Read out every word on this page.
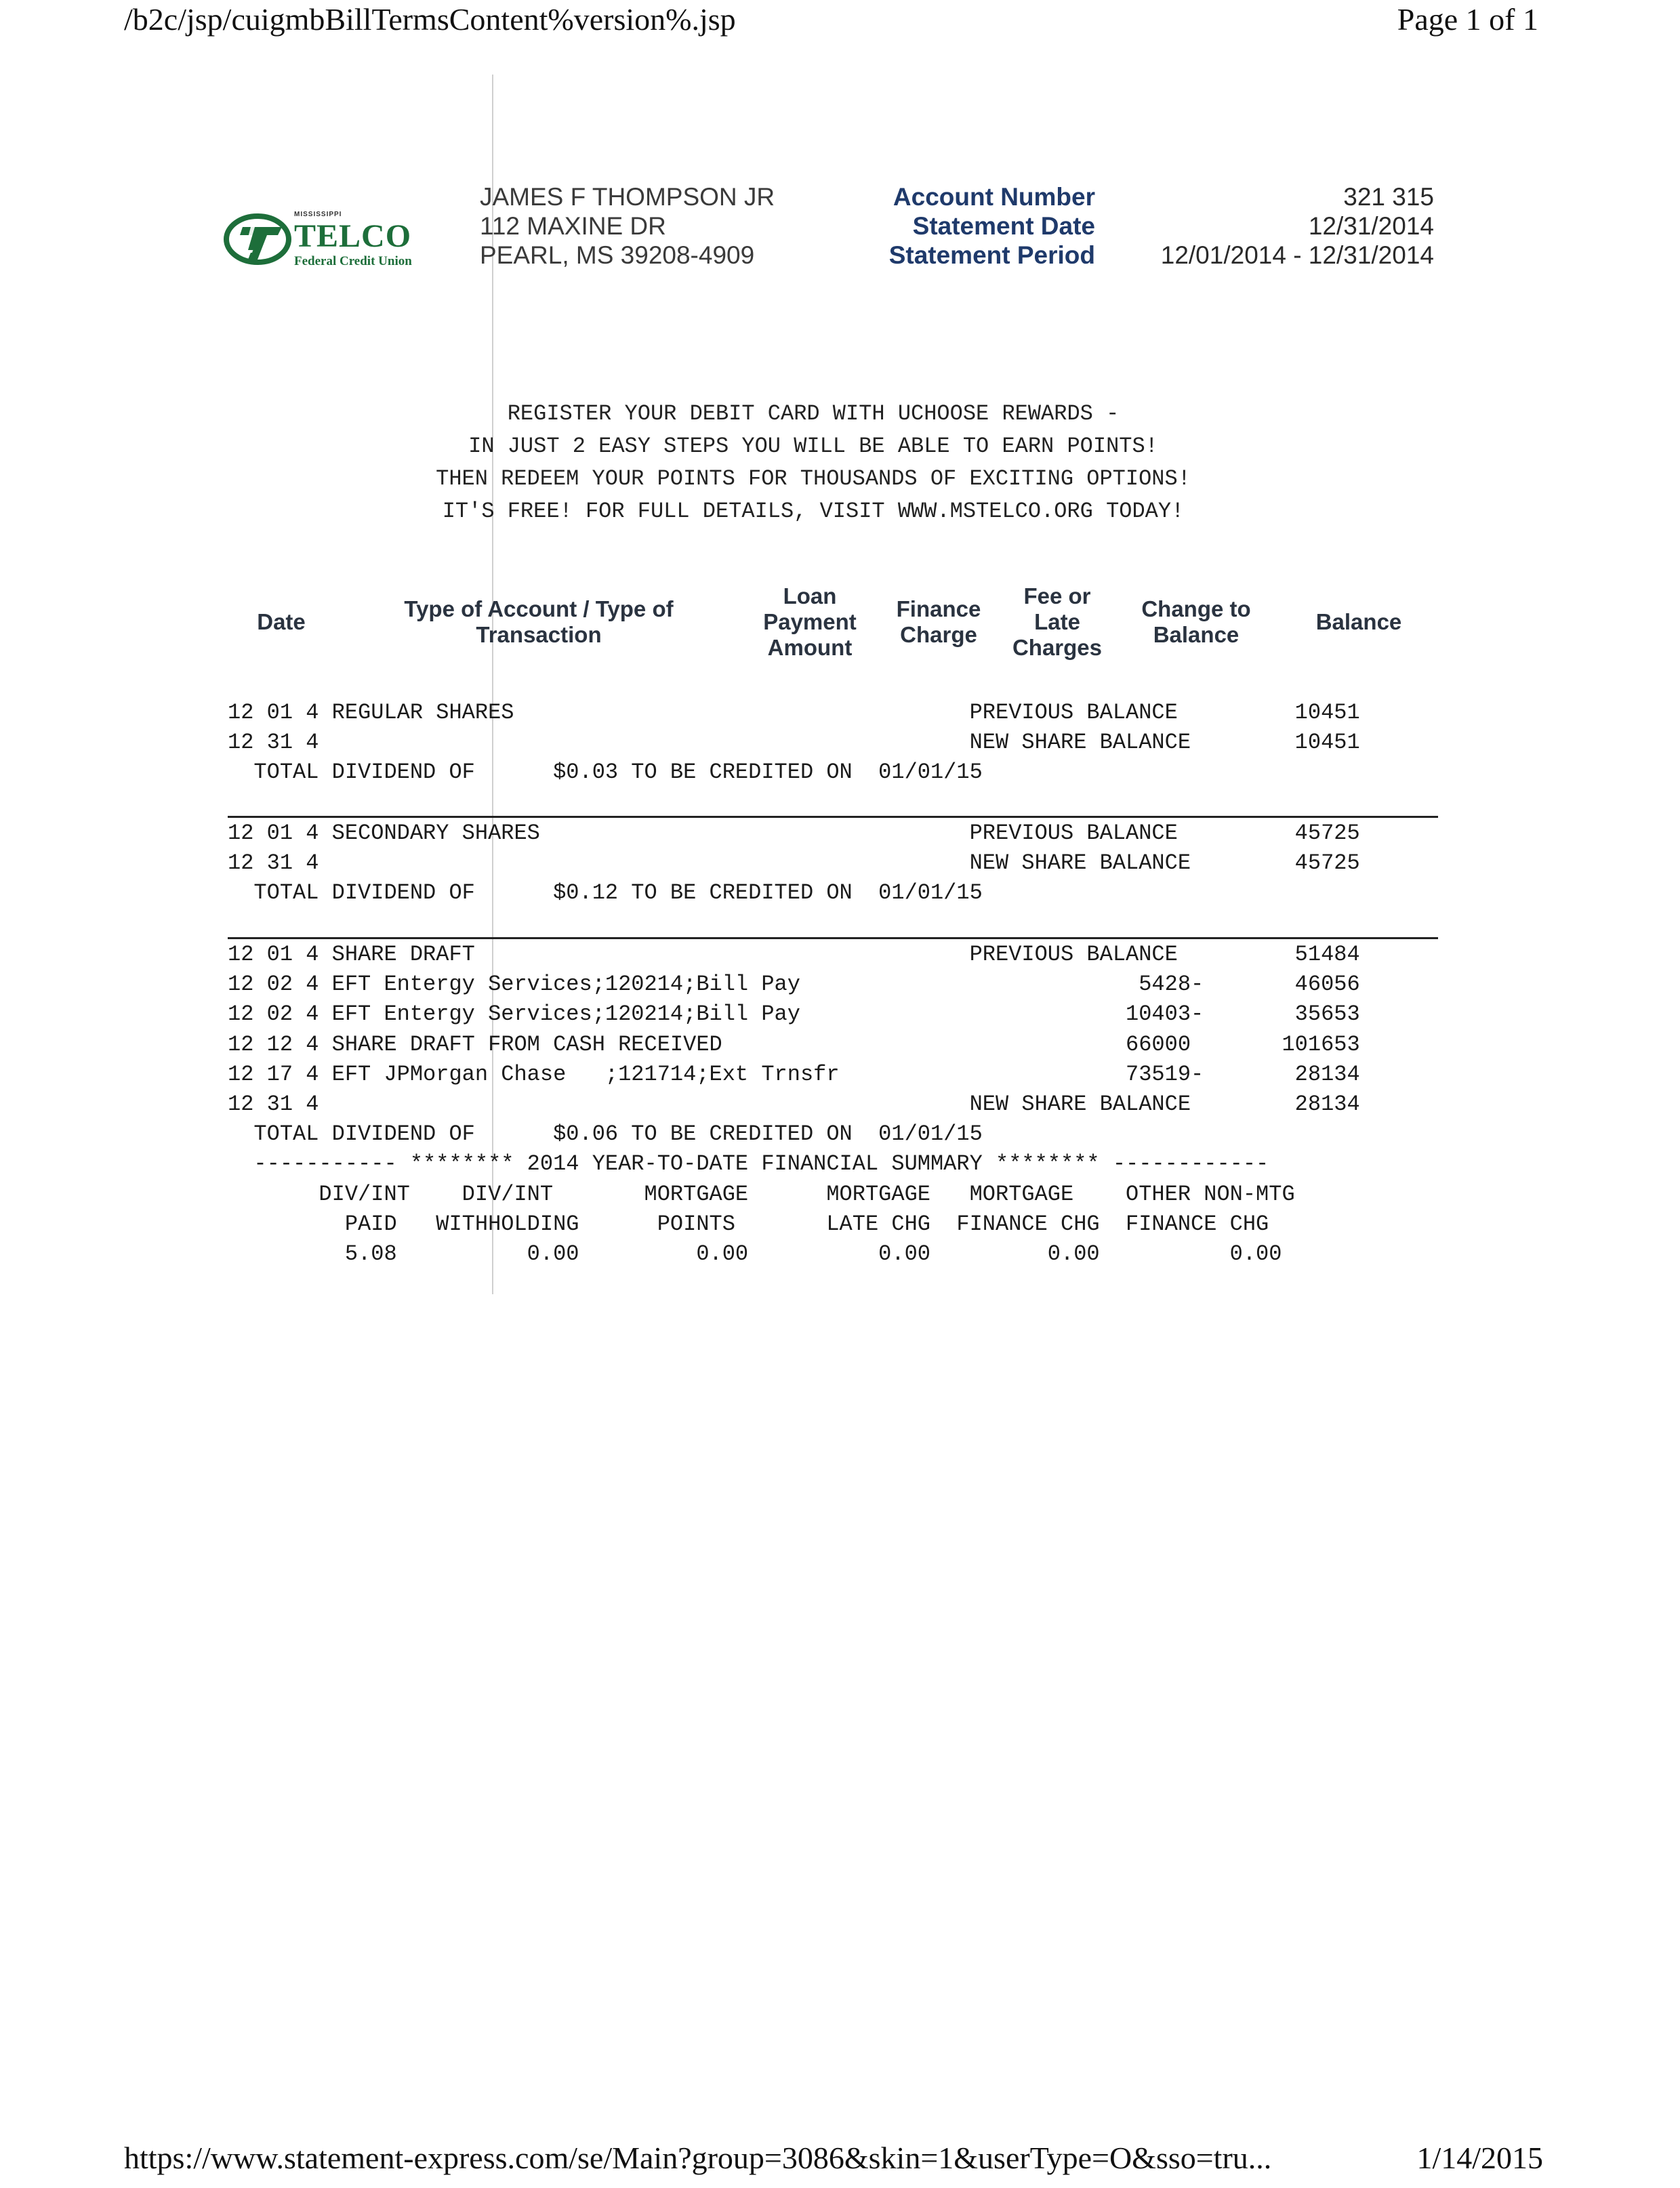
/b2c/jsp/cuigmbBillTermsContent%version%.jsp	Page 1 of 1
MISSISSIPPI
TELCO
Federal Credit Union
JAMES F THOMPSON JR
112 MAXINE DR
PEARL, MS 39208-4909
Account Number
Statement Date
Statement Period
321 315
12/31/2014
12/01/2014 - 12/31/2014
REGISTER YOUR DEBIT CARD WITH UCHOOSE REWARDS -
IN JUST 2 EASY STEPS YOU WILL BE ABLE TO EARN POINTS!
THEN REDEEM YOUR POINTS FOR THOUSANDS OF EXCITING OPTIONS!
IT'S FREE! FOR FULL DETAILS, VISIT WWW.MSTELCO.ORG TODAY!
Date
Type of Account / Type of Transaction
Loan Payment Amount
Finance Charge
Fee or Late Charges
Change to Balance
Balance
12 01 4 REGULAR SHARES                                   PREVIOUS BALANCE         10451
12 31 4                                                  NEW SHARE BALANCE        10451
TOTAL DIVIDEND OF      $0.03 TO BE CREDITED ON  01/01/15
12 01 4 SECONDARY SHARES                                 PREVIOUS BALANCE         45725
12 31 4                                                  NEW SHARE BALANCE        45725
TOTAL DIVIDEND OF      $0.12 TO BE CREDITED ON  01/01/15
12 01 4 SHARE DRAFT                                      PREVIOUS BALANCE         51484
12 02 4 EFT Entergy Services;120214;Bill Pay                          5428-       46056
12 02 4 EFT Entergy Services;120214;Bill Pay                         10403-       35653
12 12 4 SHARE DRAFT FROM CASH RECEIVED                               66000       101653
12 17 4 EFT JPMorgan Chase   ;121714;Ext Trnsfr                      73519-       28134
12 31 4                                                  NEW SHARE BALANCE        28134
TOTAL DIVIDEND OF      $0.06 TO BE CREDITED ON  01/01/15
----------- ******** 2014 YEAR-TO-DATE FINANCIAL SUMMARY ******** ------------
DIV/INT    DIV/INT       MORTGAGE      MORTGAGE   MORTGAGE    OTHER NON-MTG
PAID   WITHHOLDING      POINTS       LATE CHG  FINANCE CHG  FINANCE CHG
5.08          0.00         0.00          0.00         0.00          0.00
https://www.statement-express.com/se/Main?group=3086&skin=1&userType=O&sso=tru...	1/14/2015
